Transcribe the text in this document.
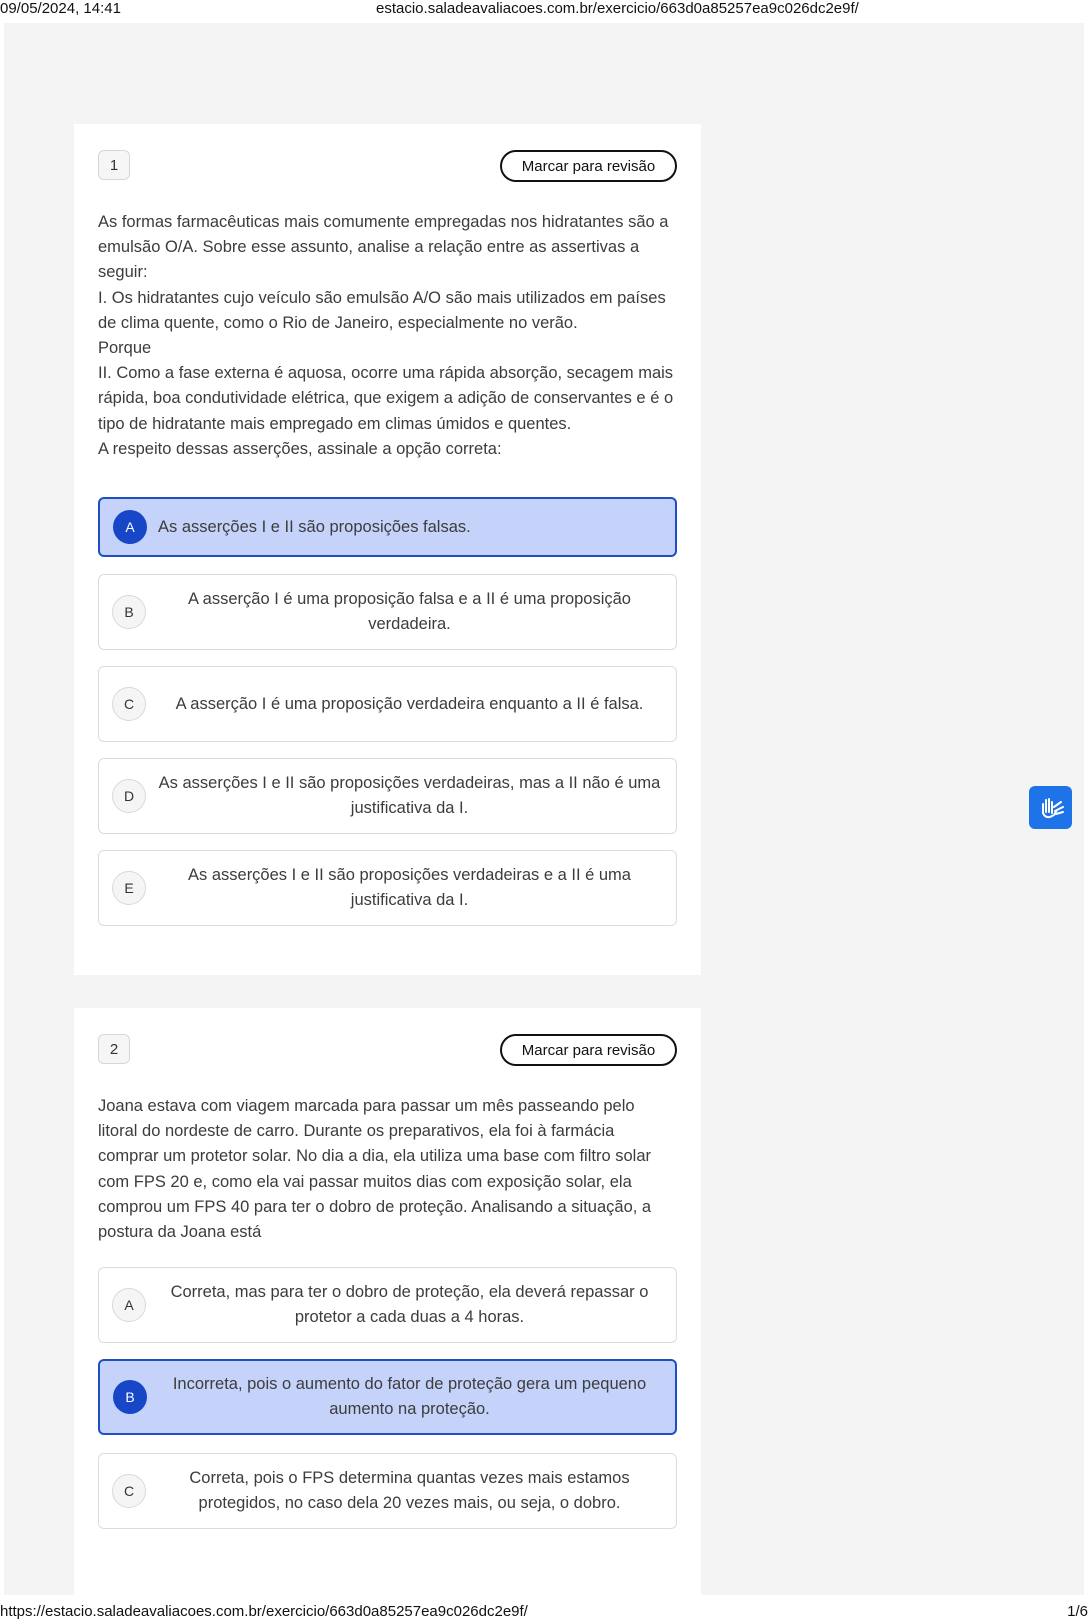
09/05/2024, 14:41	estacio.saladeavaliacoes.com.br/exercicio/663d0a85257ea9c026dc2e9f/
1	Marcar para revisão

As formas farmacêuticas mais comumente empregadas nos hidratantes são a emulsão O/A. Sobre esse assunto, analise a relação entre as assertivas a seguir:

I. Os hidratantes cujo veículo são emulsão A/O são mais utilizados em países de clima quente, como o Rio de Janeiro, especialmente no verão.

Porque

II. Como a fase externa é aquosa, ocorre uma rápida absorção, secagem mais rápida, boa condutividade elétrica, que exigem a adição de conservantes e é o tipo de hidratante mais empregado em climas úmidos e quentes.

A respeito dessas asserções, assinale a opção correta:

A	As asserções I e II são proposições falsas.
B
A asserção I é uma proposição falsa e a II é uma proposição verdadeira.
C	A asserção I é uma proposição verdadeira enquanto a II é falsa.
D
As asserções I e II são proposições verdadeiras, mas a II não é uma justificativa da I.
E
As asserções I e II são proposições verdadeiras e a II é uma justificativa da I.
2	Marcar para revisão

Joana estava com viagem marcada para passar um mês passeando pelo litoral do nordeste de carro. Durante os preparativos, ela foi à farmácia comprar um protetor solar. No dia a dia, ela utiliza uma base com filtro solar com FPS 20 e, como ela vai passar muitos dias com exposição solar, ela comprou um FPS 40 para ter o dobro de proteção. Analisando a situação, a postura da Joana está

A
Correta, mas para ter o dobro de proteção, ela deverá repassar o protetor a cada duas a 4 horas.
B
Incorreta, pois o aumento do fator de proteção gera um pequeno aumento na proteção.
C
Correta, pois o FPS determina quantas vezes mais estamos protegidos, no caso dela 20 vezes mais, ou seja, o dobro.
https://estacio.saladeavaliacoes.com.br/exercicio/663d0a85257ea9c026dc2e9f/	1/6
